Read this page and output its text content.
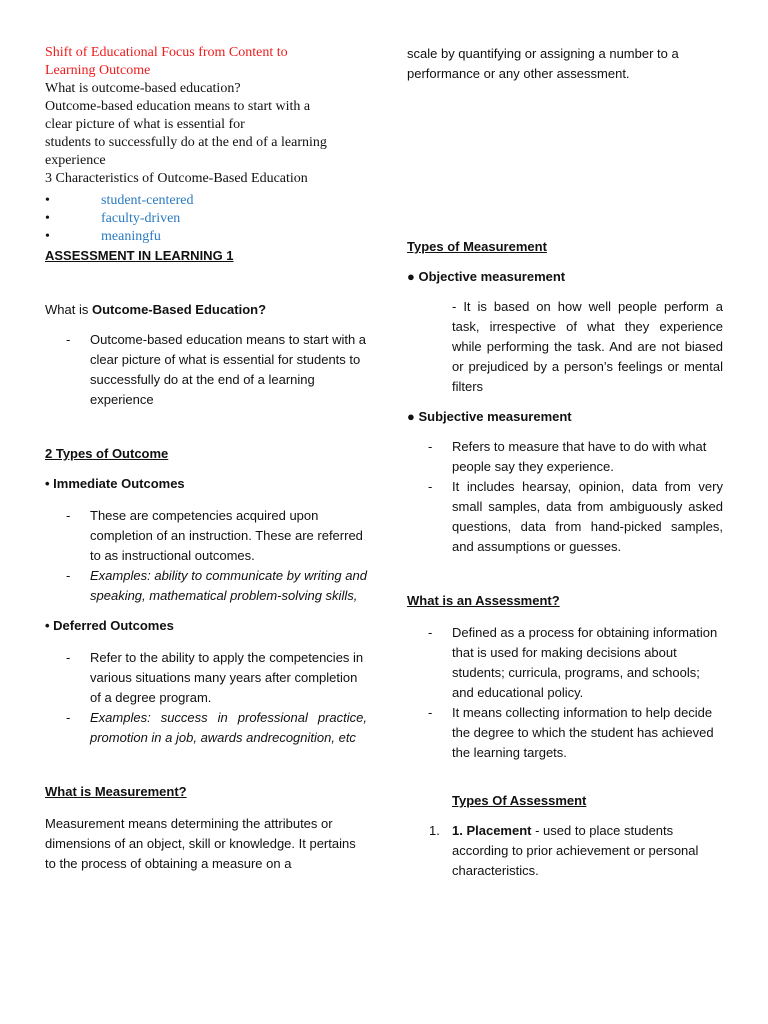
Shift of Educational Focus from Content to
Learning Outcome
What is outcome-based education?
Outcome-based education means to start with a
clear picture of what is essential for
students to successfully do at the end of a learning
experience
3 Characteristics of Outcome-Based Education
•	student-centered
•	faculty-driven
•	meaningfu
ASSESSMENT IN LEARNING 1
What is Outcome-Based Education?
- Outcome-based education means to start with a clear picture of what is essential for students to successfully do at the end of a learning experience
2 Types of Outcome
• Immediate Outcomes
- These are competencies acquired upon completion of an instruction. These are referred to as instructional outcomes.
- Examples: ability to communicate by writing and speaking, mathematical problem-solving skills,
• Deferred Outcomes
- Refer to the ability to apply the competencies in various situations many years after completion of a degree program.
- Examples: success in professional practice, promotion in a job, awards andrecognition, etc
What is Measurement?
Measurement means determining the attributes or dimensions of an object, skill or knowledge. It pertains to the process of obtaining a measure on a
scale by quantifying or assigning a number to a performance or any other assessment.
Types of Measurement
● Objective measurement
- It is based on how well people perform a task, irrespective of what they experience while performing the task. And are not biased or prejudiced by a person’s feelings or mental filters
● Subjective measurement
- Refers to measure that have to do with what people say they experience.
- It includes hearsay, opinion, data from very small samples, data from ambiguously asked questions, data from hand-picked samples, and assumptions or guesses.
What is an Assessment?
- Defined as a process for obtaining information that is used for making decisions about students; curricula, programs, and schools; and educational policy.
- It means collecting information to help decide the degree to which the student has achieved the learning targets.
Types Of Assessment
1. 1. Placement - used to place students according to prior achievement or personal characteristics.
